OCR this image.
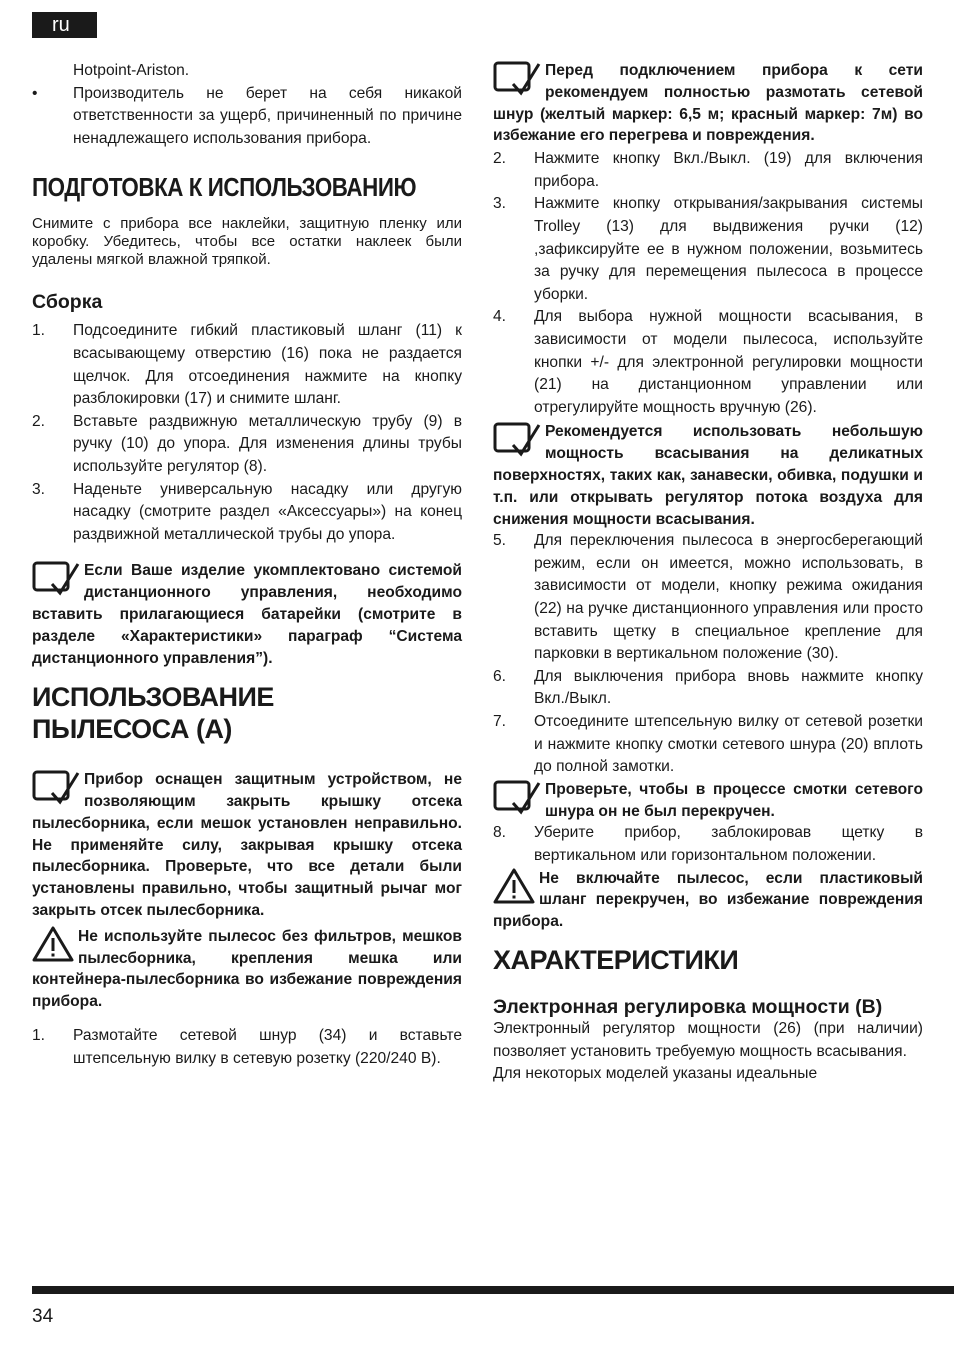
ru

Hotpoint-Ariston.

• Производитель не берет на себя никакой ответственности за ущерб, причиненный по причине ненадлежащего использования прибора.

ПОДГОТОВКА К ИСПОЛЬЗОВАНИЮ

Снимите с прибора все наклейки, защитную пленку или коробку. Убедитесь, чтобы все остатки наклеек были удалены мягкой влажной тряпкой.

Сборка

1. Подсоедините гибкий пластиковый шланг (11) к всасывающему отверстию (16) пока не раздается щелчок. Для отсоединения нажмите на кнопку разблокировки (17) и снимите шланг.

2. Вставьте раздвижную металлическую трубу (9) в ручку (10) до упора. Для изменения длины трубы используйте регулятор (8).

3. Наденьте универсальную насадку или другую насадку (смотрите раздел «Аксессуары») на конец раздвижной металлической трубы до упора.

Если Ваше изделие укомплектовано системой дистанционного управления, необходимо вставить прилагающиеся батарейки (смотрите в разделе «Характеристики» параграф “Система дистанционного управления”).

ИСПОЛЬЗОВАНИЕ
ПЫЛЕСОСА (A)

Прибор оснащен защитным устройством, не позволяющим закрыть крышку отсека пылесборника, если мешок установлен неправильно. Не применяйте силу, закрывая крышку отсека пылесборника. Проверьте, что все детали были установлены правильно, чтобы защитный рычаг мог закрыть отсек пылесборника.

Не используйте пылесос без фильтров, мешков пылесборника, крепления мешка или контейнера-пылесборника во избежание повреждения прибора.

1. Размотайте сетевой шнур (34) и вставьте штепсельную вилку в сетевую розетку (220/240 В).

Перед подключением прибора к сети рекомендуем полностью размотать сетевой шнур (желтый маркер: 6,5 м; красный маркер: 7м) во избежание его перегрева и повреждения.

2. Нажмите кнопку Вкл./Выкл. (19) для включения прибора.

3. Нажмите кнопку открывания/закрывания системы Trolley (13) для выдвижения ручки (12) ,зафиксируйте ее в нужном положении, возьмитесь за ручку для перемещения пылесоса в процессе уборки.

4. Для выбора нужной мощности всасывания, в зависимости от модели пылесоса, используйте кнопки +/- для электронной регулировки мощности (21) на дистанционном управлении или отрегулируйте мощность вручную (26).

Рекомендуется использовать небольшую мощность всасывания на деликатных поверхностях, таких как, занавески, обивка, подушки и т.п. или открывать регулятор потока воздуха для снижения мощности всасывания.

5. Для переключения пылесоса в энергосберегающий режим, если он имеется, можно использовать, в зависимости от модели, кнопку режима ожидания (22) на ручке дистанционного управления или просто вставить щетку в специальное крепление для парковки в вертикальном положение (30).

6. Для выключения прибора вновь нажмите кнопку Вкл./Выкл.

7. Отсоедините штепсельную вилку от сетевой розетки и нажмите кнопку смотки сетевого шнура (20) вплоть до полной замотки.

Проверьте, чтобы в процессе смотки сетевого шнура он не был перекручен.

8. Уберите прибор, заблокировав щетку в вертикальном или горизонтальном положении.

Не включайте пылесос, если пластиковый шланг перекручен, во избежание повреждения прибора.

ХАРАКТЕРИСТИКИ

Электронная регулировка мощности (B)

Электронный регулятор мощности (26) (при наличии) позволяет установить требуемую мощность всасывания.

Для некоторых моделей указаны идеальные

34
